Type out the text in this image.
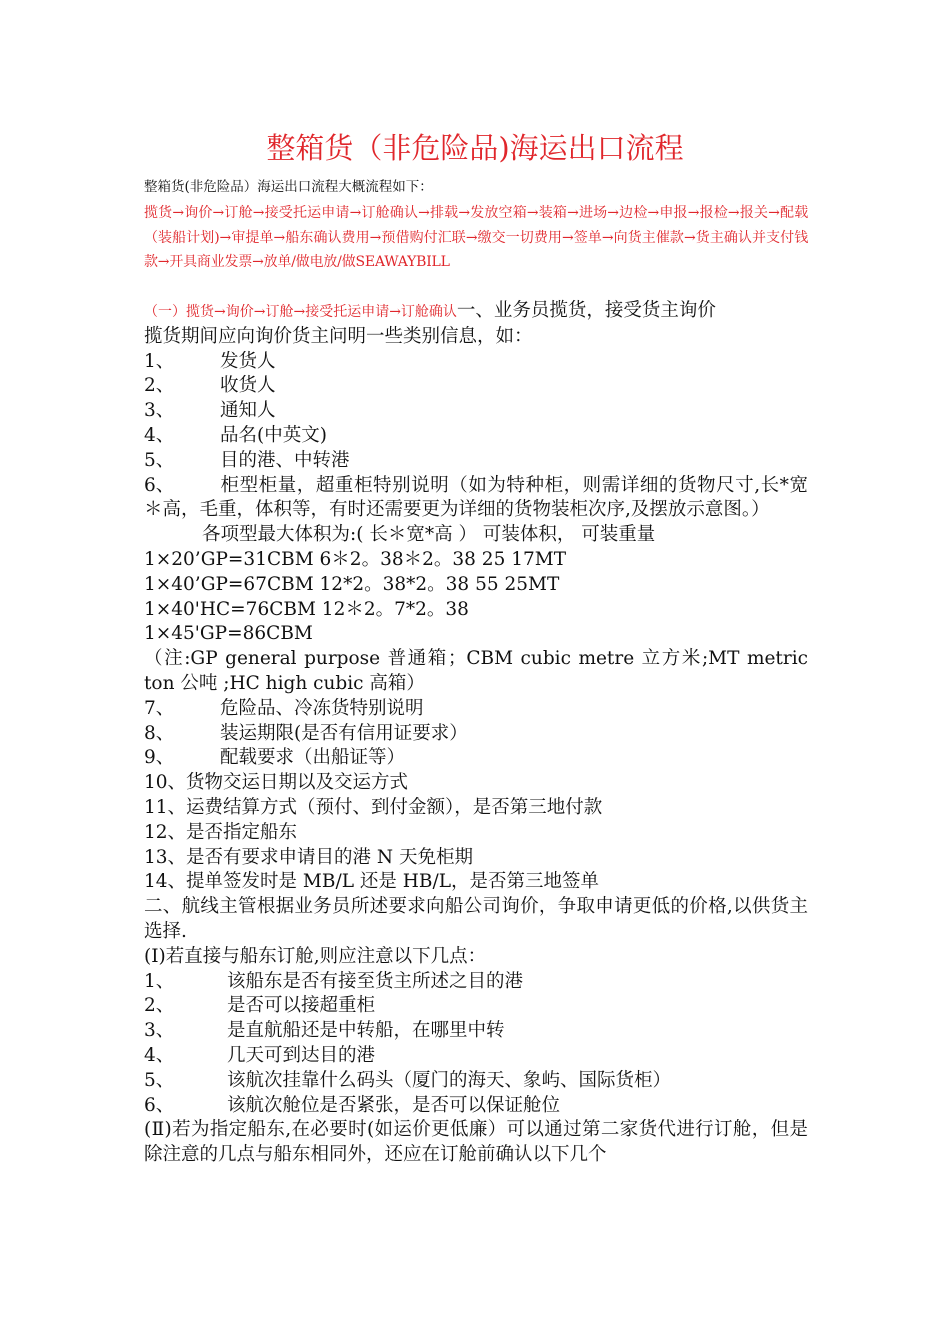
整箱货（非危险品)海运出口流程
整箱货(非危险品）海运出口流程大概流程如下：
揽货→询价→订舱→接受托运申请→订舱确认→排载→发放空箱→装箱→进场→边检→申报→报检→报关→配载（装船计划)→审提单→船东确认费用→预借购付汇联→缴交一切费用→签单→向货主催款→货主确认并支付钱款→开具商业发票→放单/做电放/做SEAWAYBILL

（一）揽货→询价→订舱→接受托运申请→订舱确认一、业务员揽货，接受货主询价

揽货期间应向询价货主问明一些类别信息，如：

1、	发货人

2、	收货人

3、	通知人

4、	品名(中英文)

5、	目的港、中转港

6、 柜型柜量，超重柜特别说明（如为特种柜，则需详细的货物尺寸,长*宽＊高，毛重，体积等，有时还需要更为详细的货物装柜次序,及摆放示意图。）

各项型最大体积为:( 长＊宽*高 ） 可装体积， 可装重量

1×20’GP=31CBM 6＊2。38＊2。38 25 17MT

1×40’GP=67CBM 12*2。38*2。38 55 25MT

1×40'HC=76CBM 12＊2。7*2。38

1×45'GP=86CBM

（注:GP general purpose 普通箱；CBM cubic metre 立方米;MT metric ton 公吨 ;HC high cubic 高箱）

7、	危险品、冷冻货特别说明

8、	装运期限(是否有信用证要求）

9、	配载要求（出船证等）

10、货物交运日期以及交运方式

11、运费结算方式（预付、到付金额），是否第三地付款

12、是否指定船东

13、是否有要求申请目的港 N 天免柜期

14、提单签发时是 MB/L 还是 HB/L，是否第三地签单

二、航线主管根据业务员所述要求向船公司询价，争取申请更低的价格,以供货主选择.

(Ⅰ)若直接与船东订舱,则应注意以下几点：

1、	该船东是否有接至货主所述之目的港

2、	是否可以接超重柜

3、	是直航船还是中转船，在哪里中转

4、	几天可到达目的港

5、	该航次挂靠什么码头（厦门的海天、象屿、国际货柜）

6、	该航次舱位是否紧张，是否可以保证舱位

(Ⅱ)若为指定船东,在必要时(如运价更低廉）可以通过第二家货代进行订舱，但是除注意的几点与船东相同外，还应在订舱前确认以下几个
